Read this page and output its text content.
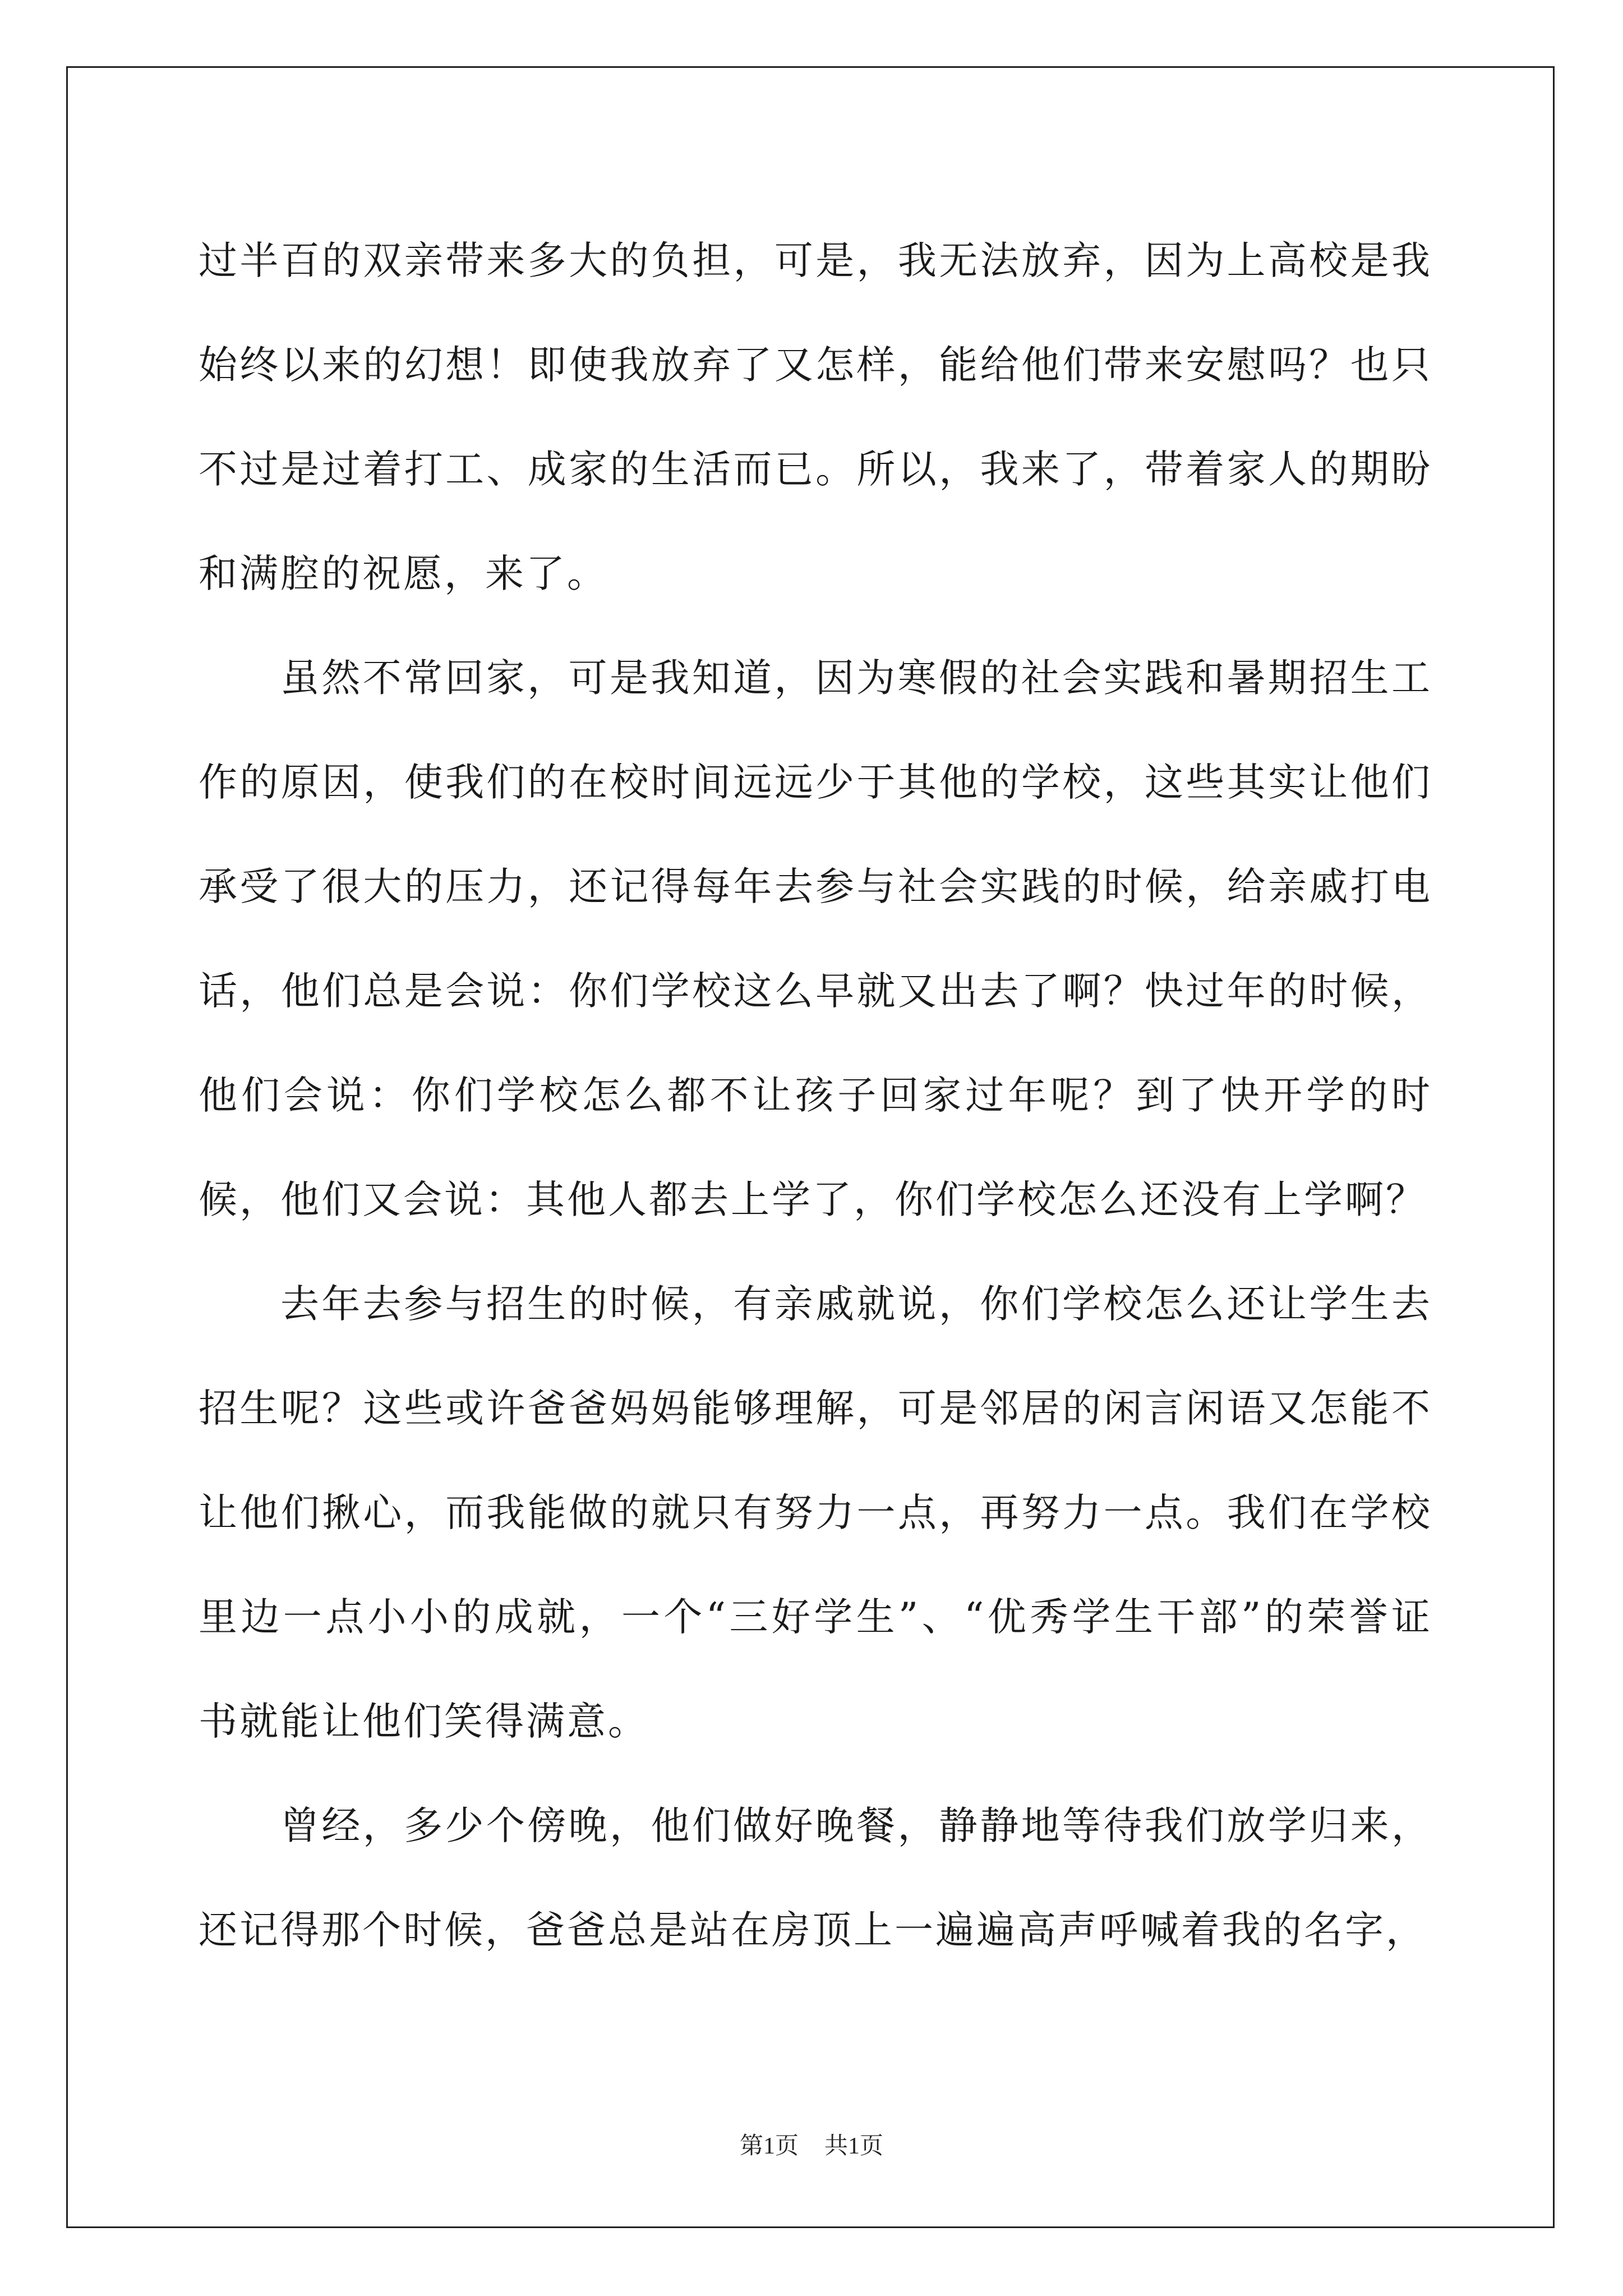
过半百的双亲带来多大的负担，可是，我无法放弃，因为上高校是我始终以来的幻想！即使我放弃了又怎样，能给他们带来安慰吗？也只不过是过着打工、成家的生活而已。所以，我来了，带着家人的期盼和满腔的祝愿，来了。

虽然不常回家，可是我知道，因为寒假的社会实践和暑期招生工作的原因，使我们的在校时间远远少于其他的学校，这些其实让他们承受了很大的压力，还记得每年去参与社会实践的时候，给亲戚打电话，他们总是会说：你们学校这么早就又出去了啊？快过年的时候，他们会说：你们学校怎么都不让孩子回家过年呢？到了快开学的时候，他们又会说：其他人都去上学了，你们学校怎么还没有上学啊？

去年去参与招生的时候，有亲戚就说，你们学校怎么还让学生去招生呢？这些或许爸爸妈妈能够理解，可是邻居的闲言闲语又怎能不让他们揪心，而我能做的就只有努力一点，再努力一点。我们在学校里边一点小小的成就，一个“三好学生”、“优秀学生干部”的荣誉证书就能让他们笑得满意。

曾经，多少个傍晚，他们做好晚餐，静静地等待我们放学归来，还记得那个时候，爸爸总是站在房顶上一遍遍高声呼喊着我的名字，

第1页 共1页
